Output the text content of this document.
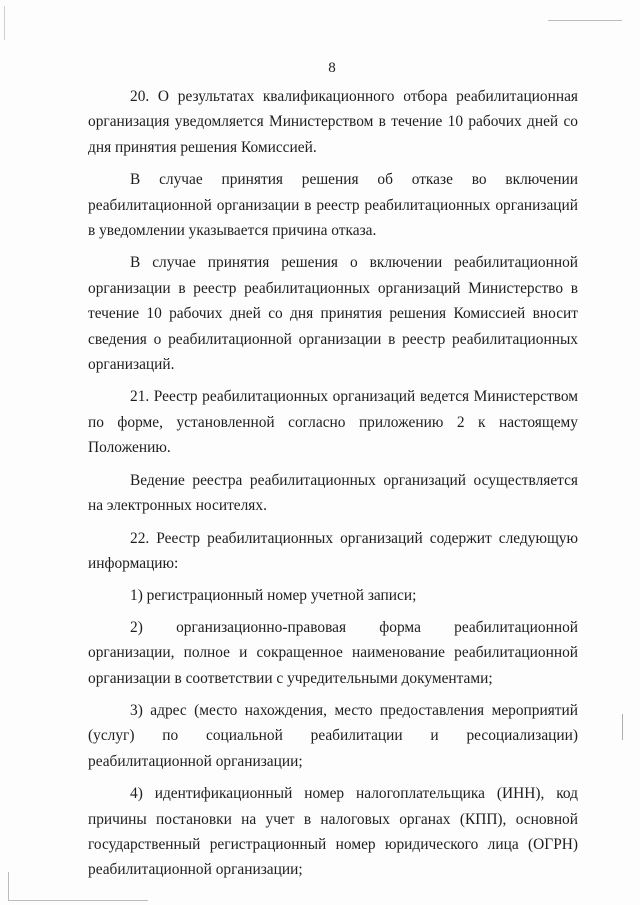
8

20. О результатах квалификационного отбора реабилитационная организация уведомляется Министерством в течение 10 рабочих дней со дня принятия решения Комиссией.

В случае принятия решения об отказе во включении реабилитационной организации в реестр реабилитационных организаций в уведомлении указывается причина отказа.

В случае принятия решения о включении реабилитационной организации в реестр реабилитационных организаций Министерство в течение 10 рабочих дней со дня принятия решения Комиссией вносит сведения о реабилитационной организации в реестр реабилитационных организаций.

21. Реестр реабилитационных организаций ведется Министерством по форме, установленной согласно приложению 2 к настоящему Положению.

Ведение реестра реабилитационных организаций осуществляется на электронных носителях.

22. Реестр реабилитационных организаций содержит следующую информацию:

1) регистрационный номер учетной записи;

2) организационно-правовая форма реабилитационной организации, полное и сокращенное наименование реабилитационной организации в соответствии с учредительными документами;

3) адрес (место нахождения, место предоставления мероприятий (услуг) по социальной реабилитации и ресоциализации) реабилитационной организации;

4) идентификационный номер налогоплательщика (ИНН), код причины постановки на учет в налоговых органах (КПП), основной государственный регистрационный номер юридического лица (ОГРН) реабилитационной организации;
